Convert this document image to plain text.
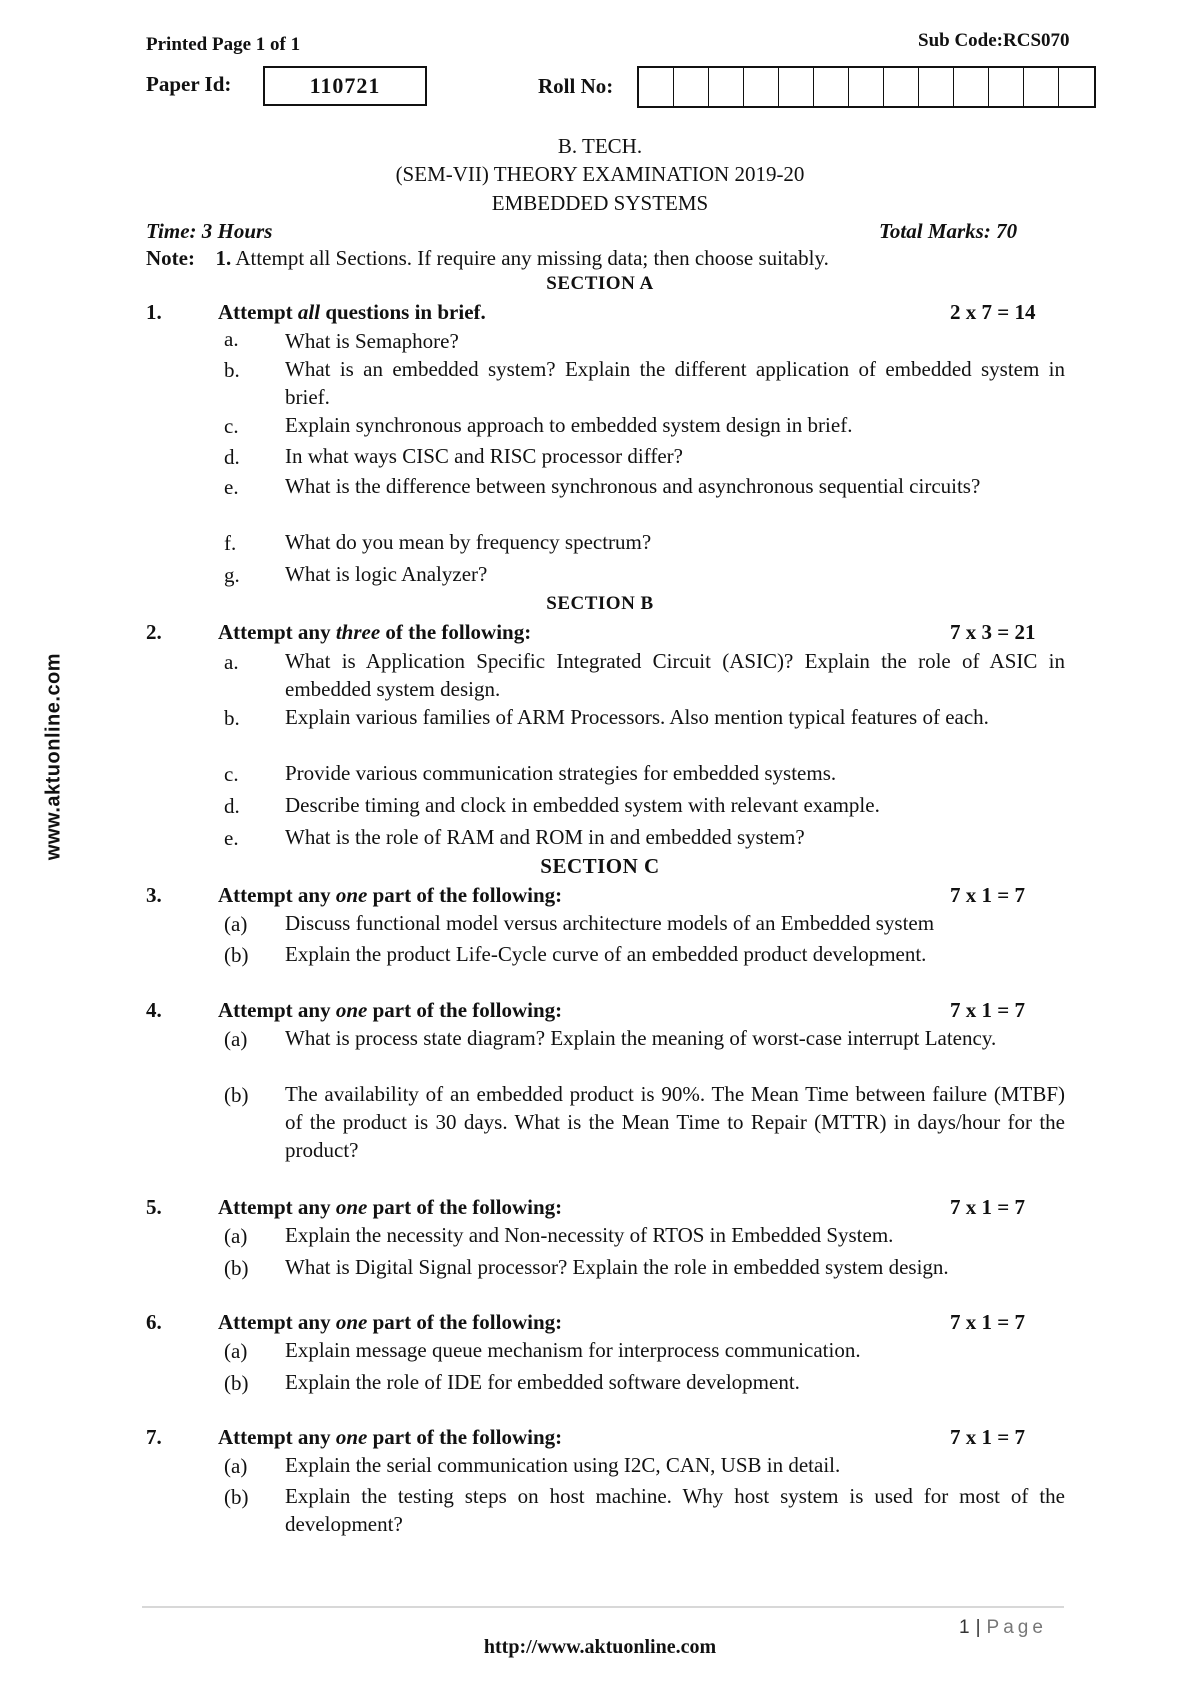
Printed Page 1 of 1	Sub Code:RCS070
Paper Id:	110721	Roll No:
B. TECH.
(SEM-VII) THEORY EXAMINATION 2019-20
EMBEDDED SYSTEMS
Time: 3 Hours	Total Marks: 70
Note: 1. Attempt all Sections. If require any missing data; then choose suitably.
SECTION A
1.	Attempt all questions in brief.	2 x 7 = 14
a. What is Semaphore?
b. What is an embedded system? Explain the different application of embedded system in brief.
c. Explain synchronous approach to embedded system design in brief.
d. In what ways CISC and RISC processor differ?
e. What is the difference between synchronous and asynchronous sequential circuits?
f. What do you mean by frequency spectrum?
g. What is logic Analyzer?
SECTION B
2.	Attempt any three of the following:	7 x 3 = 21
a. What is Application Specific Integrated Circuit (ASIC)? Explain the role of ASIC in embedded system design.
b. Explain various families of ARM Processors. Also mention typical features of each.
c. Provide various communication strategies for embedded systems.
d. Describe timing and clock in embedded system with relevant example.
e. What is the role of RAM and ROM in and embedded system?
SECTION C
3.	Attempt any one part of the following:	7 x 1 = 7
(a) Discuss functional model versus architecture models of an Embedded system
(b) Explain the product Life-Cycle curve of an embedded product development.
4.	Attempt any one part of the following:	7 x 1 = 7
(a) What is process state diagram? Explain the meaning of worst-case interrupt Latency.
(b) The availability of an embedded product is 90%. The Mean Time between failure (MTBF) of the product is 30 days. What is the Mean Time to Repair (MTTR) in days/hour for the product?
5.	Attempt any one part of the following:	7 x 1 = 7
(a) Explain the necessity and Non-necessity of RTOS in Embedded System.
(b) What is Digital Signal processor? Explain the role in embedded system design.
6.	Attempt any one part of the following:	7 x 1 = 7
(a) Explain message queue mechanism for interprocess communication.
(b) Explain the role of IDE for embedded software development.
7.	Attempt any one part of the following:	7 x 1 = 7
(a) Explain the serial communication using I2C, CAN, USB in detail.
(b) Explain the testing steps on host machine. Why host system is used for most of the development?
www.aktuonline.com
1 | Page
http://www.aktuonline.com
